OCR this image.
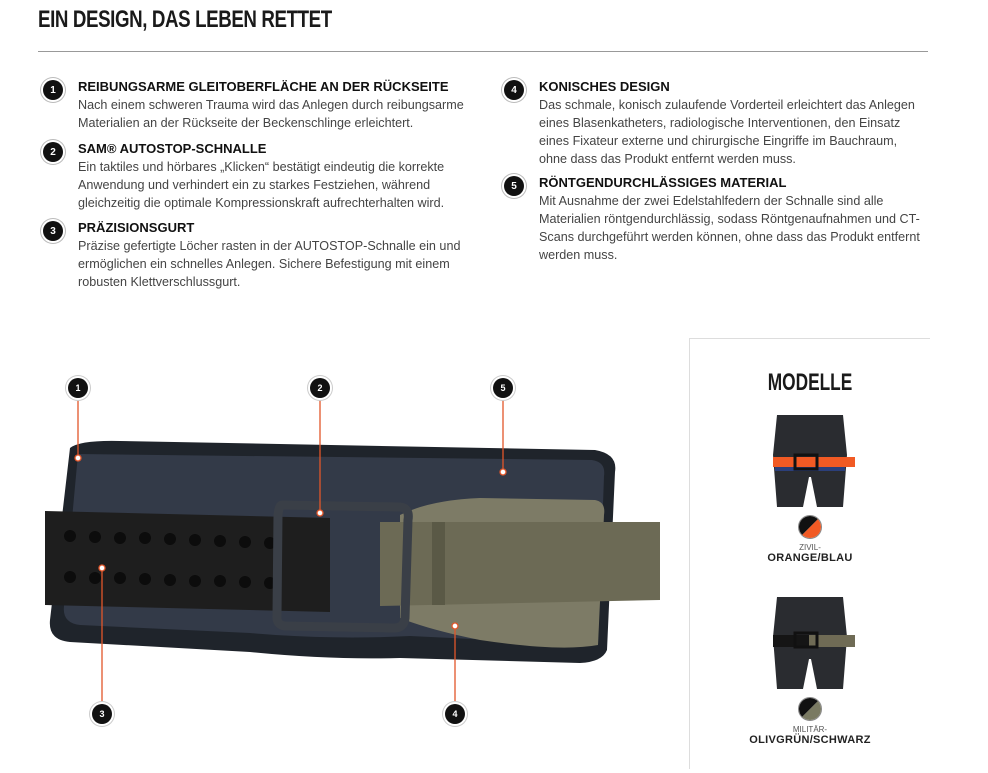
EIN DESIGN, DAS LEBEN RETTET
1	REIBUNGSARME GLEITOBERFLÄCHE AN DER RÜCKSEITE

Nach einem schweren Trauma wird das Anlegen durch reibungsarme Materialien an der Rückseite der Beckenschlinge erleichtert.

2	SAM® AUTOSTOP-SCHNALLE

Ein taktiles und hörbares „Klicken“ bestätigt eindeutig die korrekte Anwendung und verhindert ein zu starkes Festziehen, während gleichzeitig die optimale Kompressionskraft aufrechterhalten wird.

3	PRÄZISIONSGURT

Präzise gefertigte Löcher rasten in der AUTOSTOP-Schnalle ein und ermöglichen ein schnelles Anlegen. Sichere Befestigung mit einem robusten Klettverschlussgurt.

4	KONISCHES DESIGN

Das schmale, konisch zulaufende Vorderteil erleichtert das Anlegen eines Blasenkatheters, radiologische Interventionen, den Einsatz eines Fixateur externe und chirurgische Eingriffe im Bauchraum, ohne dass das Produkt entfernt werden muss.

5	RÖNTGENDURCHLÄSSIGES MATERIAL

Mit Ausnahme der zwei Edelstahlfedern der Schnalle sind alle Materialien röntgendurchlässig, sodass Röntgenaufnahmen und CT-Scans durchgeführt werden können, ohne dass das Produkt entfernt werden muss.

1	2	5
3	4
MODELLE
ZIVIL-
ORANGE/BLAU
MILITÄR-
OLIVGRÜN/SCHWARZ
